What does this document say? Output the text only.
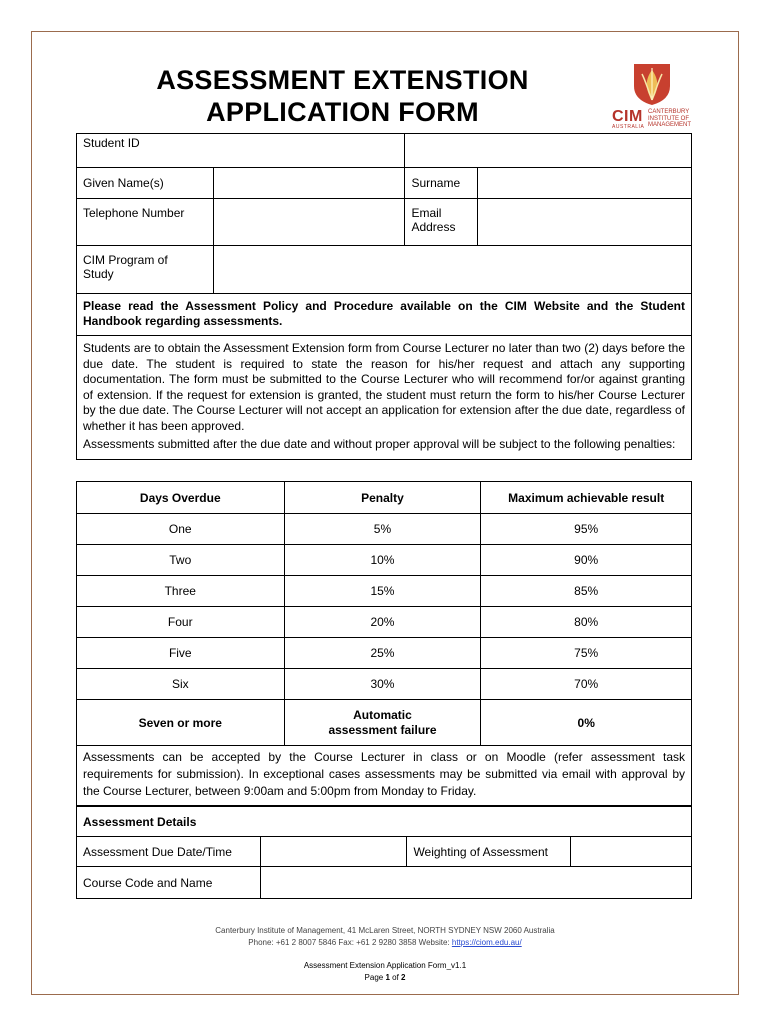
ASSESSMENT EXTENSTION
APPLICATION FORM	CIM CANTERBURY
INSTITUTE OF
MANAGEMENT
AUSTRALIA
Student ID			
Given Name(s)		Surname	
Telephone Number		Email
Address	

CIM Program of
Study			

Please read the Assessment Policy and Procedure available on the CIM Website and the Student Handbook regarding assessments.			

Students are to obtain the Assessment Extension form from Course Lecturer no later than two (2) days before the due date. The student is required to state the reason for his/her request and attach any supporting documentation. The form must be submitted to the Course Lecturer who will recommend for/or against granting of extension. If the request for extension is granted, the student must return the form to his/her Course Lecturer by the due date. The Course Lecturer will not accept an application for extension after the due date, regardless of whether it has been approved.
Assessments submitted after the due date and without proper approval will be subject to the following penalties:			
Days Overdue	Penalty	Maximum achievable result
One	5%	95%
Two	10%	90%
Three	15%	85%
Four	20%	80%
Five	25%	75%
Six	30%	70%
Seven or more	Automatic assessment failure	0%
Assessments can be accepted by the Course Lecturer in class or on Moodle (refer assessment task requirements for submission). In exceptional cases assessments may be submitted via email with approval by the Course Lecturer, between 9:00am and 5:00pm from Monday to Friday.
Assessment Details			
Assessment Due Date/Time		Weighting of Assessment	
Course Code and Name			
Canterbury Institute of Management, 41 McLaren Street, NORTH SYDNEY NSW 2060 Australia
Phone: +61 2 8007 5846 Fax: +61 2 9280 3858 Website: https://ciom.edu.au/
Assessment Extension Application Form_v1.1
Page 1 of 2
